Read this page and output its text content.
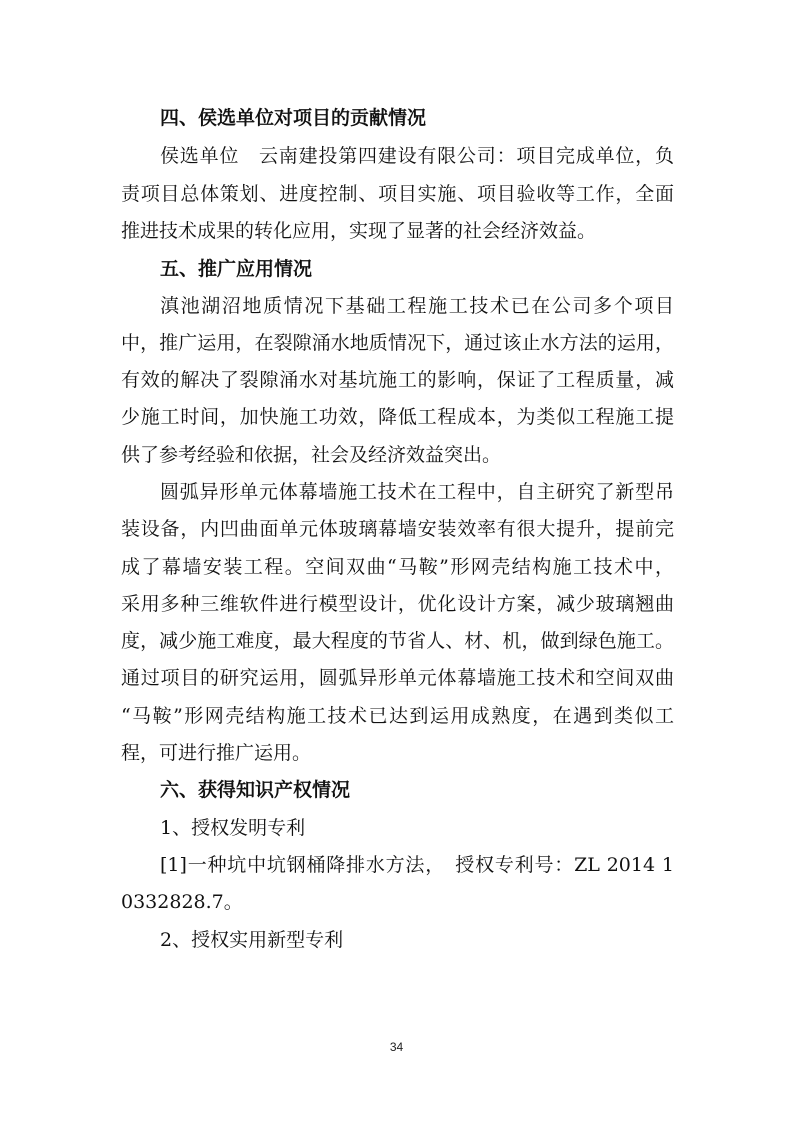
四、侯选单位对项目的贡献情况
侯选单位　云南建投第四建设有限公司：项目完成单位，负
责项目总体策划、进度控制、项目实施、项目验收等工作，全面
推进技术成果的转化应用，实现了显著的社会经济效益。
五、推广应用情况
滇池湖沼地质情况下基础工程施工技术已在公司多个项目
中，推广运用，在裂隙涌水地质情况下，通过该止水方法的运用，
有效的解决了裂隙涌水对基坑施工的影响，保证了工程质量，减
少施工时间，加快施工功效，降低工程成本，为类似工程施工提
供了参考经验和依据，社会及经济效益突出。
圆弧异形单元体幕墙施工技术在工程中，自主研究了新型吊
装设备，内凹曲面单元体玻璃幕墙安装效率有很大提升，提前完
成了幕墙安装工程。空间双曲“马鞍”形网壳结构施工技术中，
采用多种三维软件进行模型设计，优化设计方案，减少玻璃翘曲
度，减少施工难度，最大程度的节省人、材、机，做到绿色施工。
通过项目的研究运用，圆弧异形单元体幕墙施工技术和空间双曲
“马鞍”形网壳结构施工技术已达到运用成熟度，在遇到类似工
程，可进行推广运用。
六、获得知识产权情况
1、授权发明专利
[1]一种坑中坑钢桶降排水方法，　授权专利号：ZL 2014 1
0332828.7。
2、授权实用新型专利
34
